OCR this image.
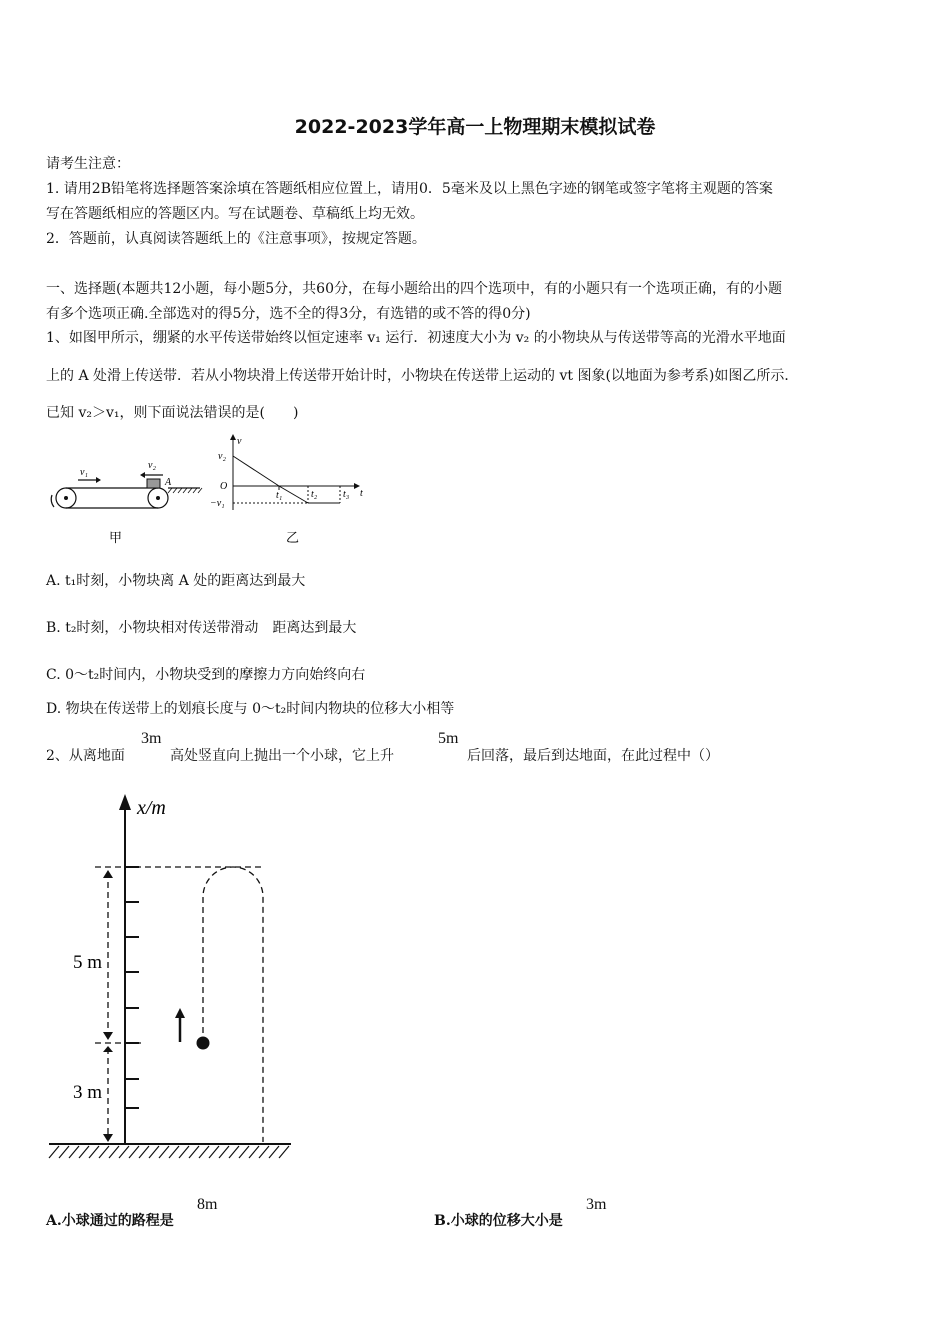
2022-2023学年高一上物理期末模拟试卷
请考生注意：
1. 请用2B铅笔将选择题答案涂填在答题纸相应位置上，请用0．5毫米及以上黑色字迹的钢笔或签字笔将主观题的答案
写在答题纸相应的答题区内。写在试题卷、草稿纸上均无效。
2．答题前，认真阅读答题纸上的《注意事项》，按规定答题。
一、选择题(本题共12小题，每小题5分，共60分，在每小题给出的四个选项中，有的小题只有一个选项正确，有的小题
有多个选项正确.全部选对的得5分，选不全的得3分，有选错的或不答的得0分)
1、如图甲所示，绷紧的水平传送带始终以恒定速率 v₁ 运行．初速度大小为 v₂ 的小物块从与传送带等高的光滑水平地面
上的 A 处滑上传送带．若从小物块滑上传送带开始计时，小物块在传送带上运动的 vt 图象(以地面为参考系)如图乙所示．
已知 v₂＞v₁，则下面说法错误的是(　　)
v₁
v₂
A
甲
v
t
v₂
O
−v₁
t₁	t₂	t₃
乙
A. t₁时刻，小物块离 A 处的距离达到最大
B. t₂时刻，小物块相对传送带滑动　距离达到最大
C. 0～t₂时间内，小物块受到的摩擦力方向始终向右
D. 物块在传送带上的划痕长度与 0～t₂时间内物块的位移大小相等
2、从离地面
3m
高处竖直向上抛出一个小球，它上升
5m
后回落，最后到达地面，在此过程中（）
x/m
5 m
3 m
A.小球通过的路程是
8m
B.小球的位移大小是
3m
